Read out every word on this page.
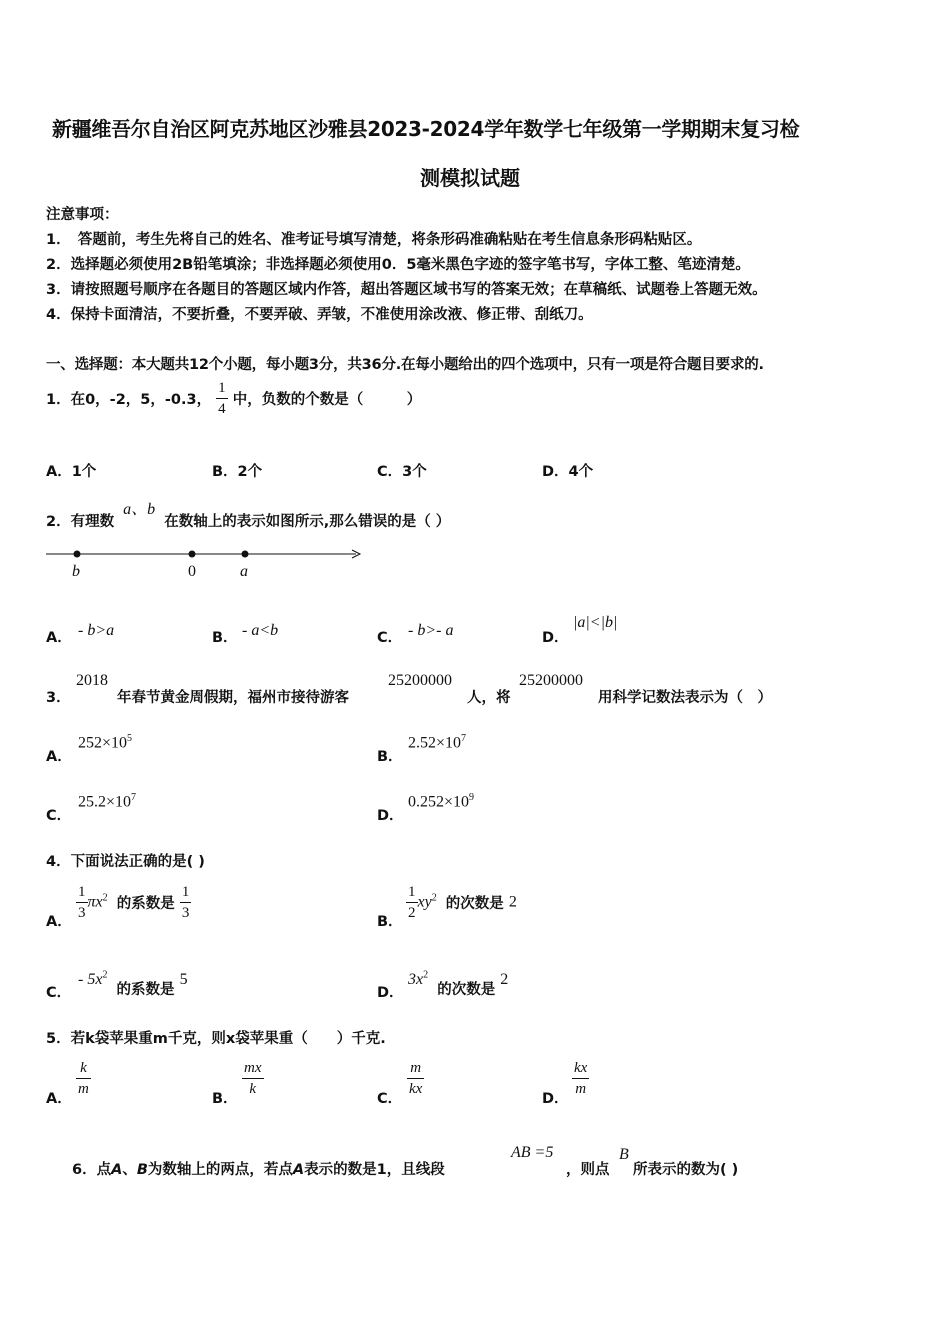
新疆维吾尔自治区阿克苏地区沙雅县2023-2024学年数学七年级第一学期期末复习检
测模拟试题
注意事项：
1．　答题前，考生先将自己的姓名、准考证号填写清楚，将条形码准确粘贴在考生信息条形码粘贴区。
2．选择题必须使用2B铅笔填涂；非选择题必须使用0．5毫米黑色字迹的签字笔书写，字体工整、笔迹清楚。
3．请按照题号顺序在各题目的答题区域内作答，超出答题区域书写的答案无效；在草稿纸、试题卷上答题无效。
4．保持卡面清洁，不要折叠，不要弄破、弄皱，不准使用涂改液、修正带、刮纸刀。
一、选择题：本大题共12个小题，每小题3分，共36分.在每小题给出的四个选项中，只有一项是符合题目要求的.
1．在0，-2，5，-0.3， $\frac{1}{4}$ 中，负数的个数是（　　　）
A．1个	B．2个	C．3个	D．4个
2．有理数 a、b 在数轴上的表示如图所示,那么错误的是（ ）
b	0	a
A． - b>a	B． - a<b	C． - b>- a	D．
|a|<|b|
3．
2018
年春节黄金周假期，福州市接待游客
25200000
人，将
25200000
用科学记数法表示为（　）
A．
$252\times 10^5$
B．
$2.52\times 10^7$
C．
$25.2\times 10^7$
D．
$0.252\times 10^9$
4．下面说法正确的是( )
A． $\frac{1}{3} \pi x^2$ 的系数是 $\frac{1}{3}$	B． $\frac{1}{2} xy^2$ 的次数是 2
C．
- $5x^2$ 的系数是 5
D．
$3x^2$ 的次数是 2
5．若k袋苹果重m千克，则x袋苹果重（　　）千克.
A． $\frac{k}{m}$	B． $\frac{mx}{k}$	C． $\frac{m}{kx}$	D． $\frac{kx}{m}$
6．点A、B为数轴上的两点，若点A表示的数是1，且线段
AB =5
，则点
B
所表示的数为( )
